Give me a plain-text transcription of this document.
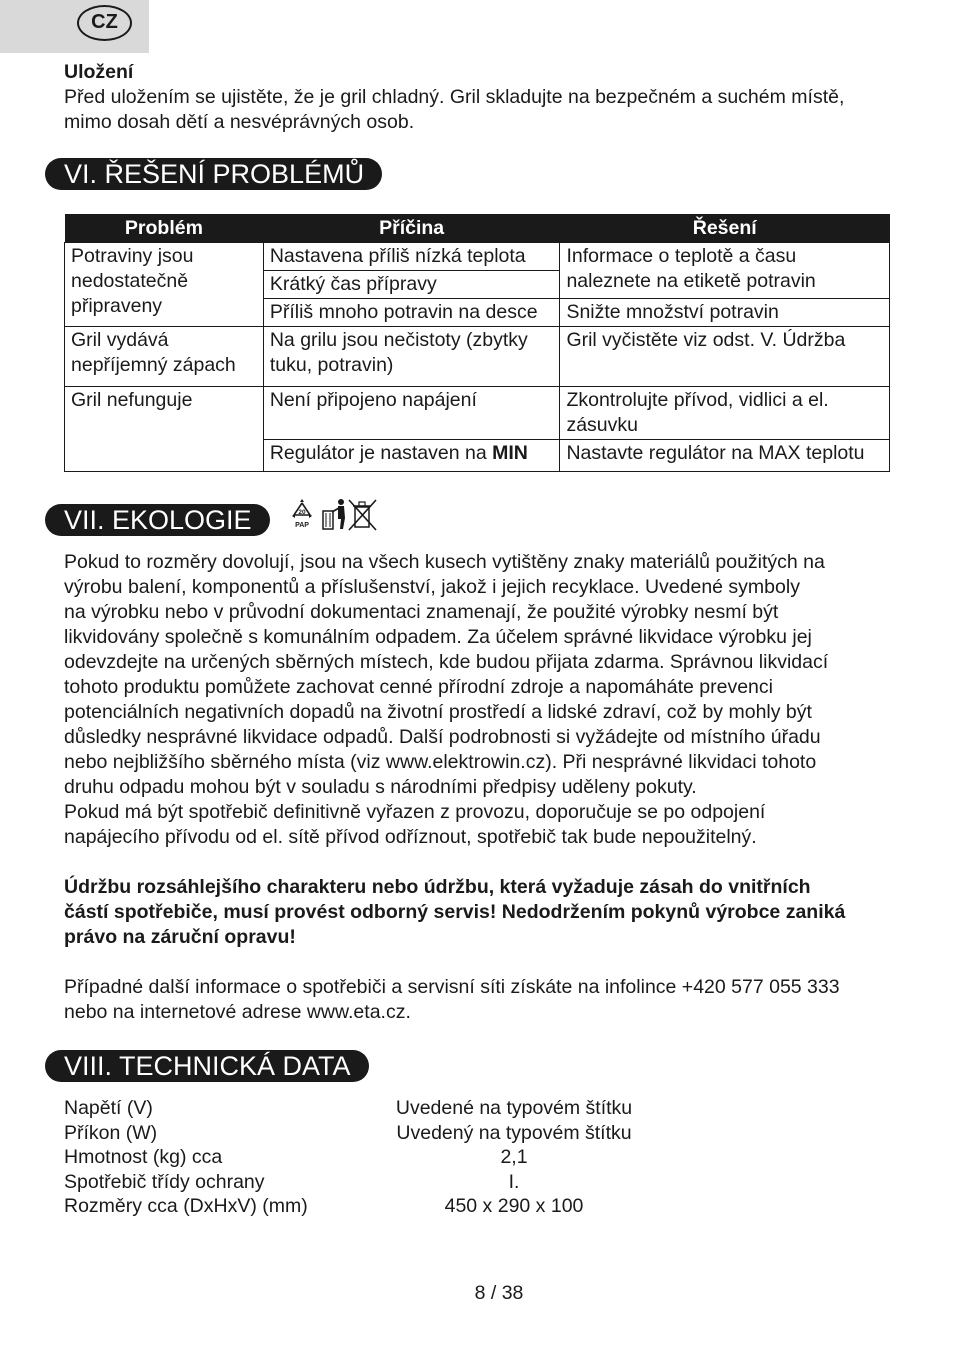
CZ
Uložení
Před uložením se ujistěte, že je gril chladný. Gril skladujte na bezpečném a suchém místě,
mimo dosah dětí a nesvéprávných osob.
VI. ŘEŠENÍ PROBLÉMŮ
Problém	Příčina	Řešení
Potraviny jsou nedostatečně připraveny	Nastavena příliš nízká teplota	Informace o teplotě a času naleznete na etiketě potravin
	Krátký čas přípravy	
	Příliš mnoho potravin na desce	Snižte množství potravin
Gril vydává nepříjemný zápach	Na grilu jsou nečistoty (zbytky tuku, potravin)	Gril vyčistěte viz odst. V. Údržba
Gril nefunguje	Není připojeno napájení	Zkontrolujte přívod, vidlici a el. zásuvku
	Regulátor je nastaven na MIN	Nastavte regulátor na MAX teplotu
VII. EKOLOGIE	20
PAP
Pokud to rozměry dovolují, jsou na všech kusech vytištěny znaky materiálů použitých na
výrobu balení, komponentů a příslušenství, jakož i jejich recyklace. Uvedené symboly
na výrobku nebo v průvodní dokumentaci znamenají, že použité výrobky nesmí být
likvidovány společně s komunálním odpadem. Za účelem správné likvidace výrobku jej
odevzdejte na určených sběrných místech, kde budou přijata zdarma. Správnou likvidací
tohoto produktu pomůžete zachovat cenné přírodní zdroje a napomáháte prevenci
potenciálních negativních dopadů na životní prostředí a lidské zdraví, což by mohly být
důsledky nesprávné likvidace odpadů. Další podrobnosti si vyžádejte od místního úřadu
nebo nejbližšího sběrného místa (viz www.elektrowin.cz). Při nesprávné likvidaci tohoto
druhu odpadu mohou být v souladu s národními předpisy uděleny pokuty.
Pokud má být spotřebič definitivně vyřazen z provozu, doporučuje se po odpojení
napájecího přívodu od el. sítě přívod odříznout, spotřebič tak bude nepoužitelný.
Údržbu rozsáhlejšího charakteru nebo údržbu, která vyžaduje zásah do vnitřních
částí spotřebiče, musí provést odborný servis! Nedodržením pokynů výrobce zaniká
právo na záruční opravu!
Případné další informace o spotřebiči a servisní síti získáte na infolince +420 577 055 333
nebo na internetové adrese www.eta.cz.
VIII. TECHNICKÁ DATA
Napětí (V)	Uvedené na typovém štítku
Příkon (W)	Uvedený na typovém štítku
Hmotnost (kg) cca	2,1
Spotřebič třídy ochrany	I.
Rozměry cca (DxHxV) (mm)	450 x 290 x 100
8 / 38
